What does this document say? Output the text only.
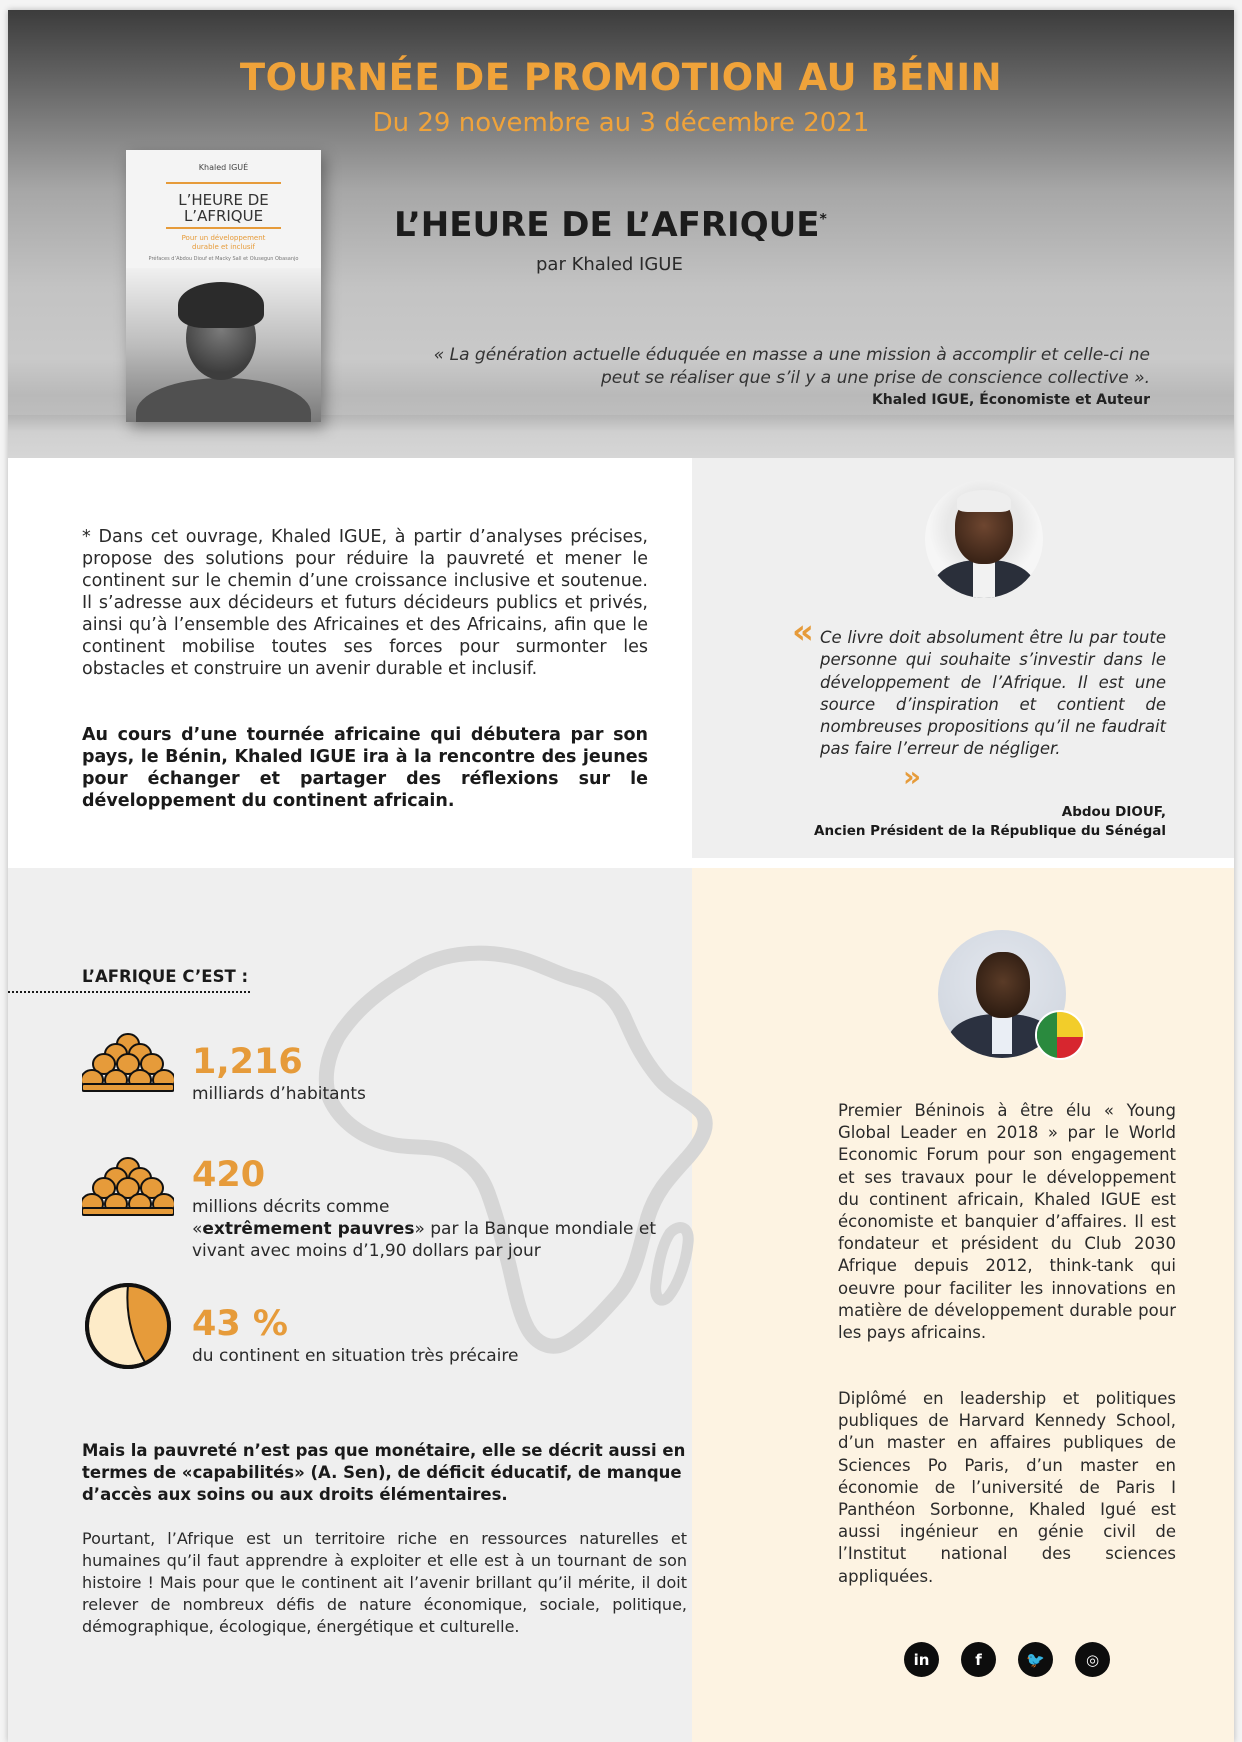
TOURNÉE DE PROMOTION AU BÉNIN
Du 29 novembre au 3 décembre 2021
Khaled IGUÉ
L’HEURE DE
L’AFRIQUE
Pour un développement
durable et inclusif
Préfaces d’Abdou Diouf et Macky Sall et Olusegun Obasanjo
L’HEURE DE L’AFRIQUE*
par Khaled IGUE
« La génération actuelle éduquée en masse a une mission à accomplir et celle-ci ne peut se réaliser que s’il y a une prise de conscience collective ».
Khaled IGUE, Économiste et Auteur
* Dans cet ouvrage, Khaled IGUE, à partir d’analyses précises, propose des solutions pour réduire la pauvreté et mener le continent sur le chemin d’une croissance inclusive et soutenue. Il s’adresse aux décideurs et futurs décideurs publics et privés, ainsi qu’à l’ensemble des Africaines et des Africains, afin que le continent mobilise toutes ses forces pour surmonter les obstacles et construire un avenir durable et inclusif.
Au cours d’une tournée africaine qui débutera par son pays, le Bénin, Khaled IGUE ira à la rencontre des jeunes pour échanger et partager des réflexions sur le développement du continent africain.
« Ce livre doit absolument être lu par toute personne qui souhaite s’investir dans le développement de l’Afrique. Il est une source d’inspiration et contient de nombreuses propositions qu’il ne faudrait pas faire l’erreur de négliger.
»
Abdou DIOUF,
Ancien Président de la République du Sénégal
L’AFRIQUE C’EST :
1,216
milliards d’habitants
420
millions décrits comme
«extrêmement pauvres» par la Banque mondiale et vivant avec moins d’1,90 dollars par jour
43 %
du continent en situation très précaire
Mais la pauvreté n’est pas que monétaire, elle se décrit aussi en termes de «capabilités» (A. Sen), de déficit éducatif, de manque d’accès aux soins ou aux droits élémentaires.
Pourtant, l’Afrique est un territoire riche en ressources naturelles et humaines qu’il faut apprendre à exploiter et elle est à un tournant de son histoire ! Mais pour que le continent ait l’avenir brillant qu’il mérite, il doit relever de nombreux défis de nature économique, sociale, politique, démographique, écologique, énergétique et culturelle.
Premier Béninois à être élu « Young Global Leader en 2018 » par le World Economic Forum pour son engagement et ses travaux pour le développement du continent africain, Khaled IGUE est économiste et banquier d’affaires. Il est fondateur et président du Club 2030 Afrique depuis 2012, think-tank qui oeuvre pour faciliter les innovations en matière de développement durable pour les pays africains.
Diplômé en leadership et politiques publiques de Harvard Kennedy School, d’un master en affaires publiques de Sciences Po Paris, d’un master en économie de l’université de Paris I Panthéon Sorbonne, Khaled Igué est aussi ingénieur en génie civil de l’Institut national des sciences appliquées.
in	f	🐦	◎
